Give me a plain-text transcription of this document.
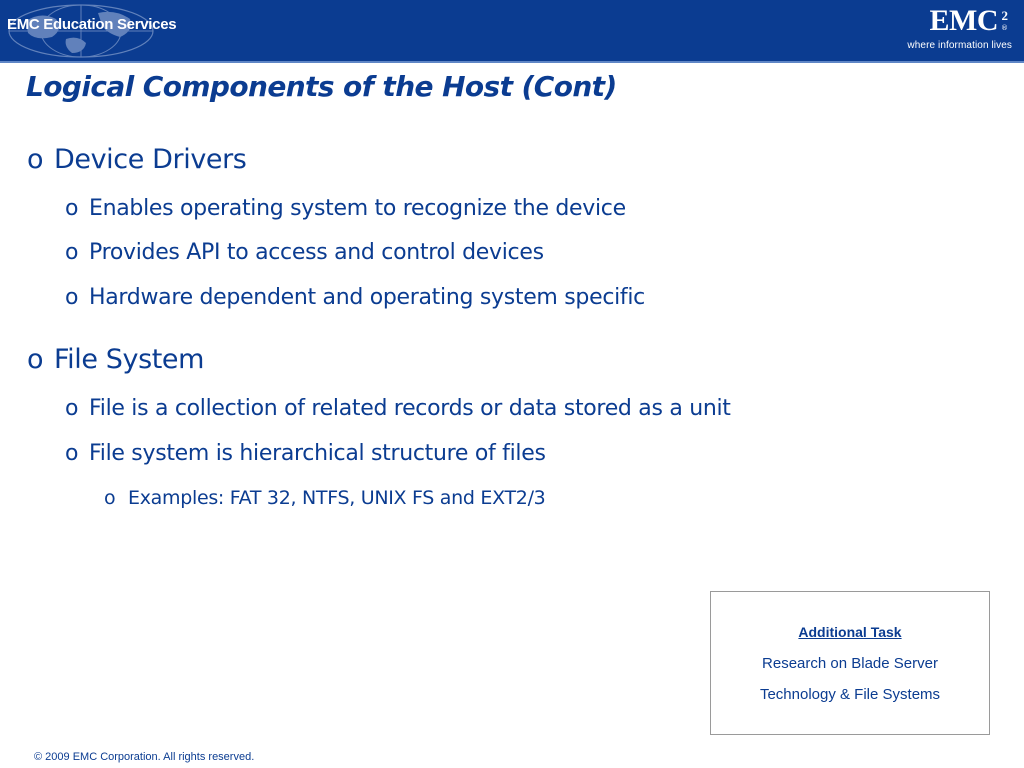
EMC Education Services	EMC 2
®
where information lives
Logical Components of the Host (Cont)
o Device Drivers
o Enables operating system to recognize the device
o Provides API to access and control devices
o Hardware dependent and operating system specific
o File System
o File is a collection of related records or data stored as a unit
o File system is hierarchical structure of files
o Examples: FAT 32, NTFS, UNIX FS and EXT2/3
Additional Task
Research on Blade Server
Technology & File Systems
© 2009 EMC Corporation. All rights reserved.
